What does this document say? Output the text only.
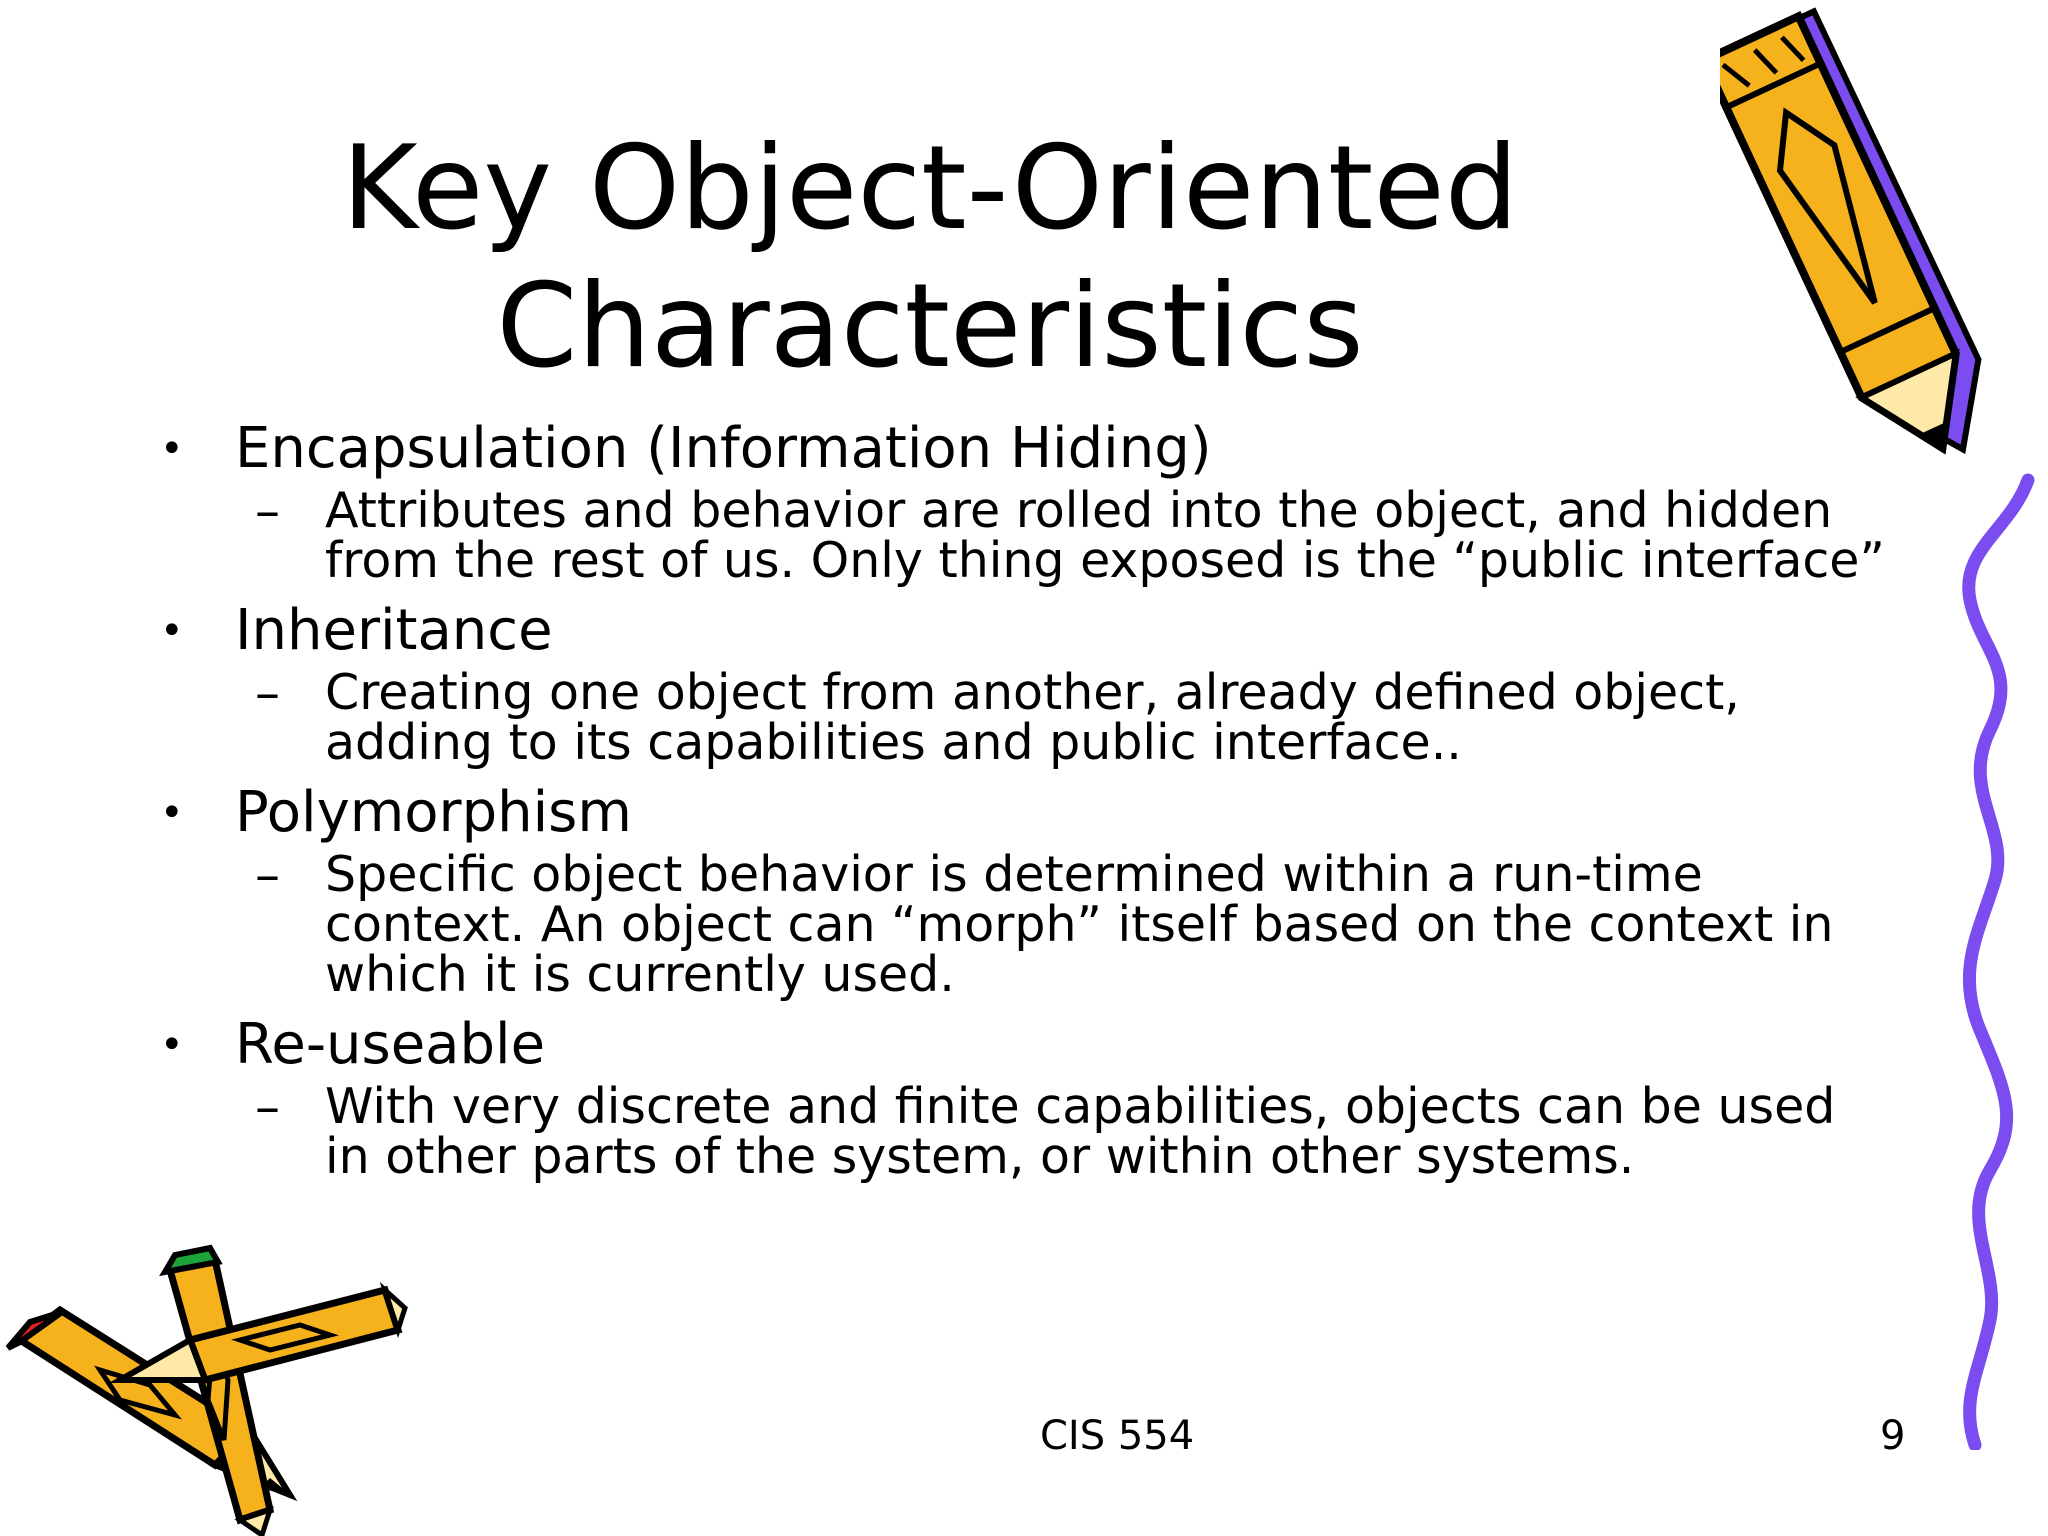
Key Object-Oriented
Characteristics
• Encapsulation (Information Hiding)
– Attributes and behavior are rolled into the object, and hidden
from the rest of us. Only thing exposed is the “public interface”
• Inheritance
– Creating one object from another, already defined object,
adding to its capabilities and public interface..
• Polymorphism
– Specific object behavior is determined within a run-time
context. An object can “morph” itself based on the context in
which it is currently used.
• Re-useable
– With very discrete and finite capabilities, objects can be used
in other parts of the system, or within other systems.
CIS 554	9
